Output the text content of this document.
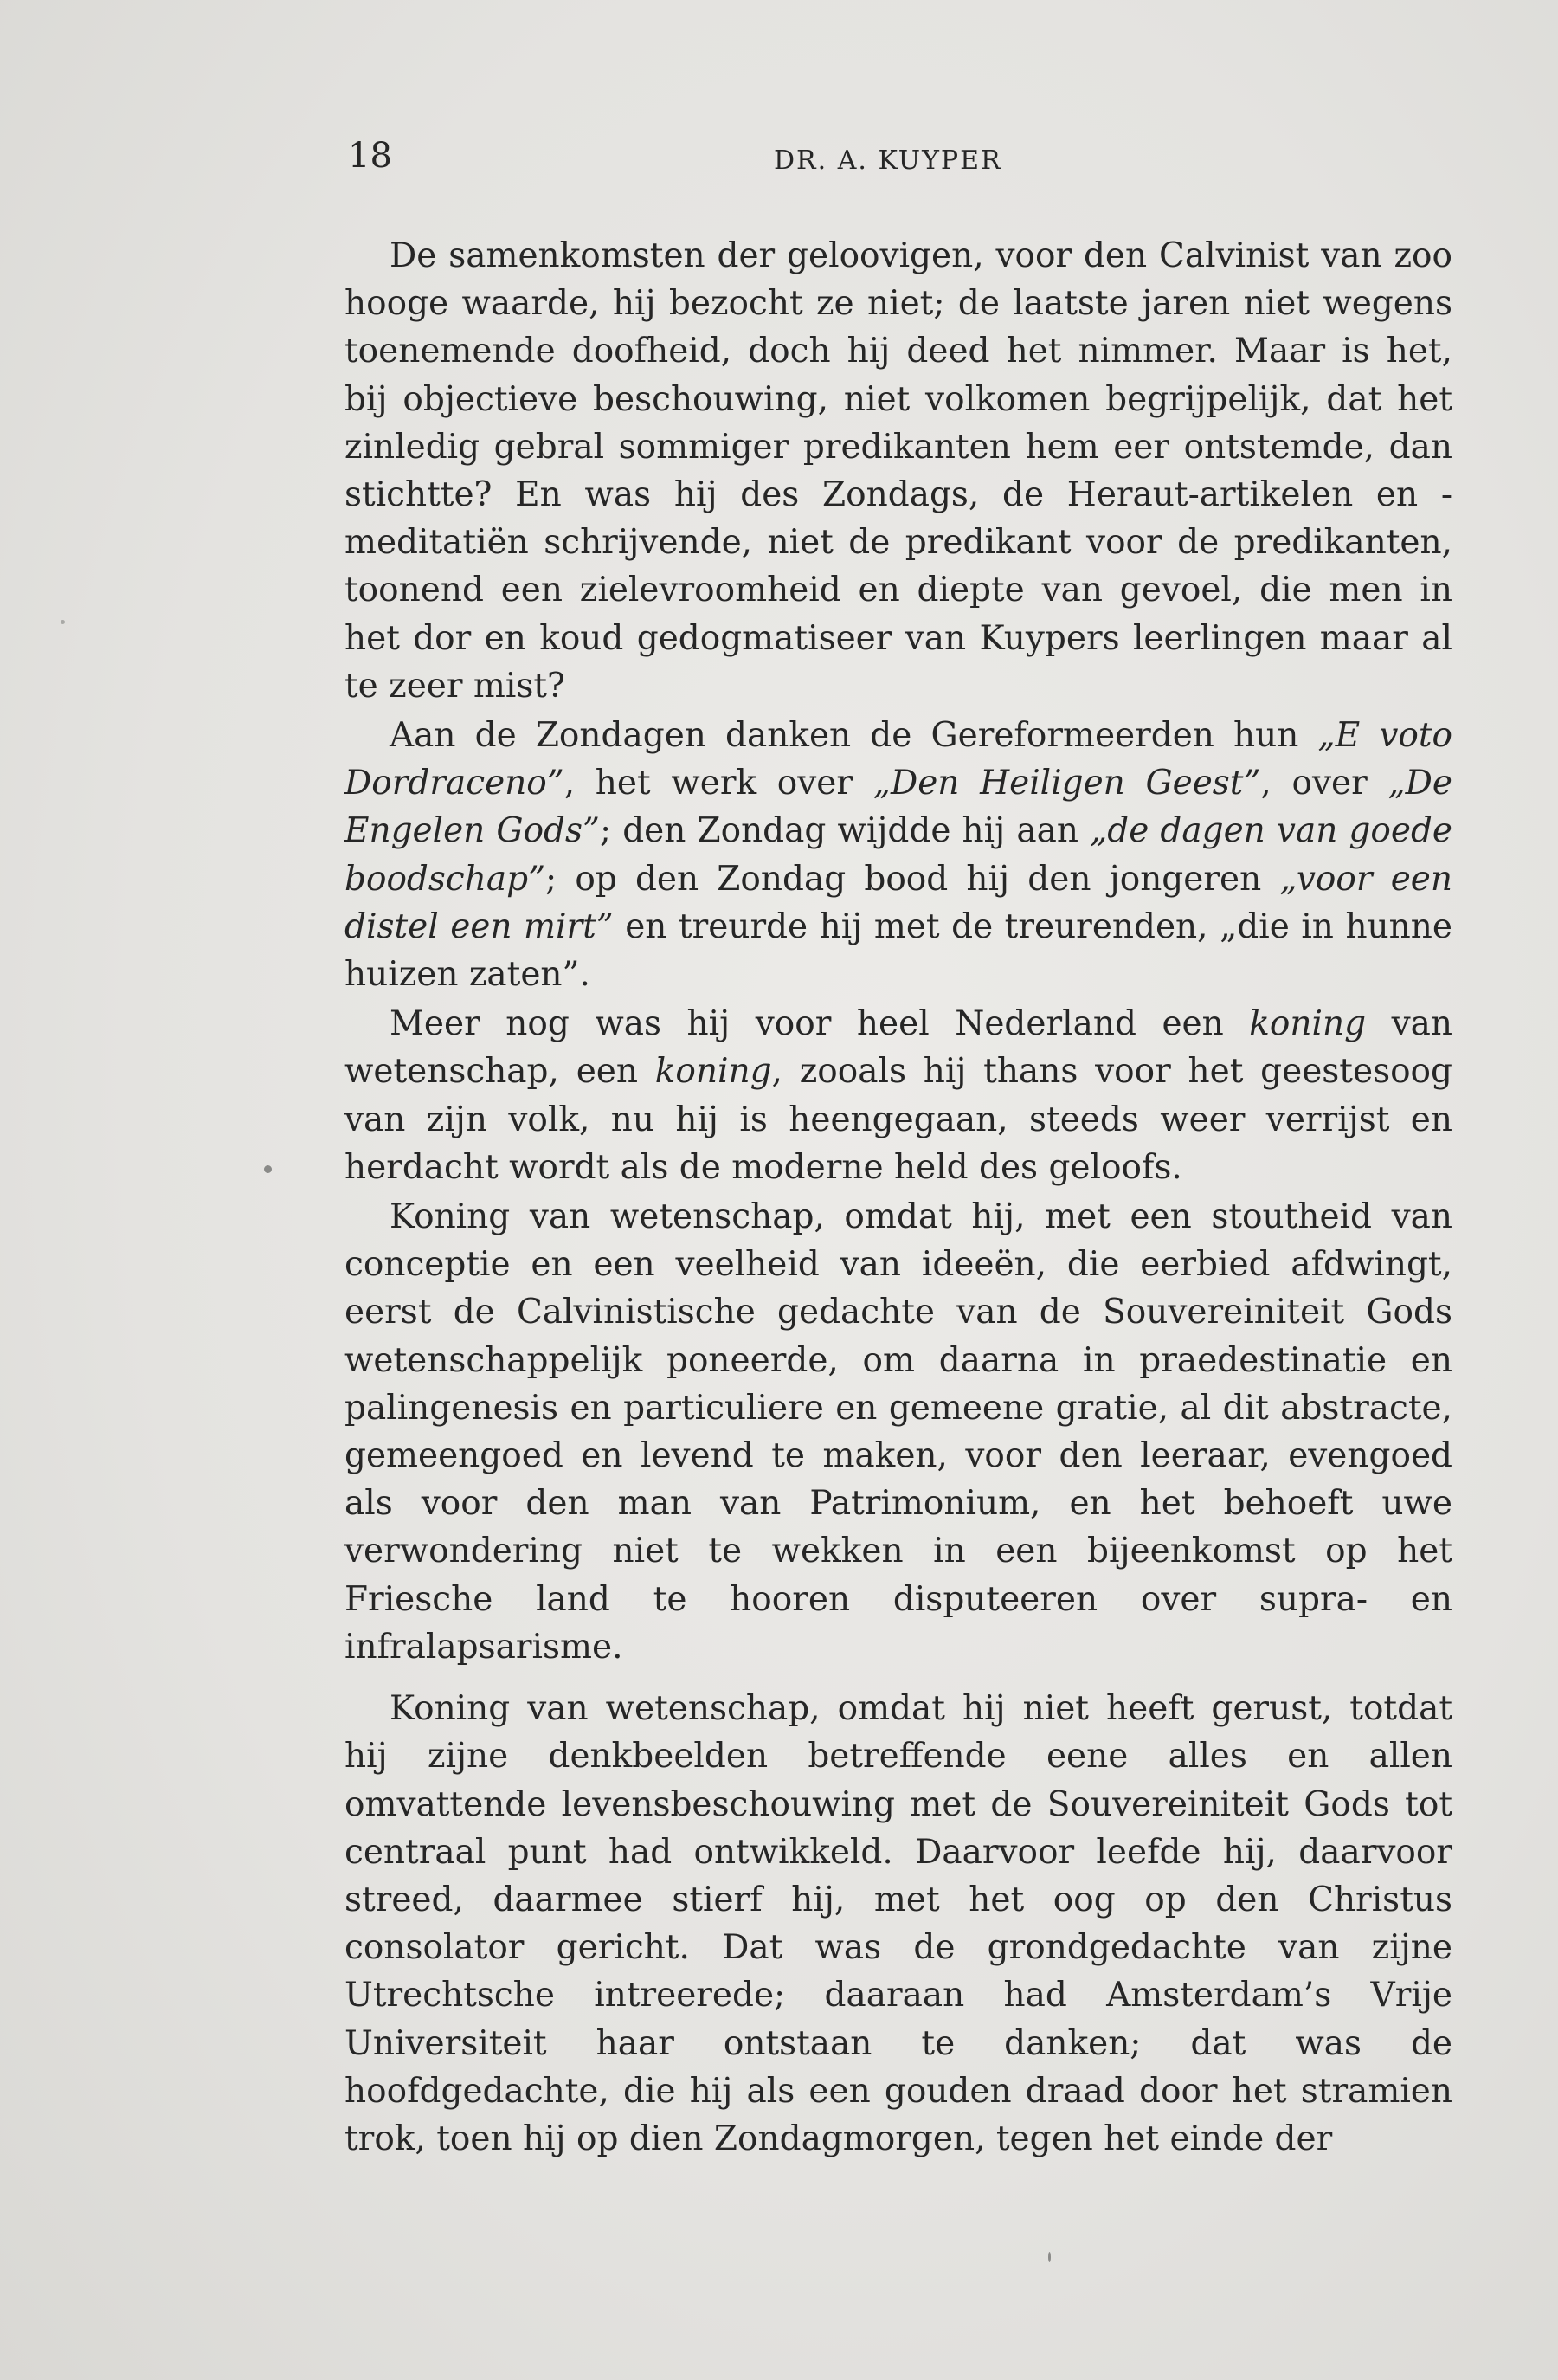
18	DR. A. KUYPER

De samenkomsten der geloovigen, voor den Calvinist van zoo hooge waarde, hij bezocht ze niet; de laatste jaren niet wegens toenemende doofheid, doch hij deed het nimmer. Maar is het, bij objectieve beschouwing, niet volkomen begrijpelijk, dat het zinledig gebral sommiger predikanten hem eer ontstemde, dan stichtte? En was hij des Zondags, de Heraut-artikelen en -meditatiën schrijvende, niet de predikant voor de predikanten, toonend een zielevroomheid en diepte van gevoel, die men in het dor en koud gedogmatiseer van Kuypers leerlingen maar al te zeer mist?

Aan de Zondagen danken de Gereformeerden hun „E voto Dordraceno”, het werk over „Den Heiligen Geest”, over „De Engelen Gods”; den Zondag wijdde hij aan „de dagen van goede boodschap”; op den Zondag bood hij den jongeren „voor een distel een mirt” en treurde hij met de treurenden, „die in hunne huizen zaten”.

Meer nog was hij voor heel Nederland een koning van wetenschap, een koning, zooals hij thans voor het geestesoog van zijn volk, nu hij is heengegaan, steeds weer verrijst en herdacht wordt als de moderne held des geloofs.

Koning van wetenschap, omdat hij, met een stoutheid van conceptie en een veelheid van ideeën, die eerbied afdwingt, eerst de Calvinistische gedachte van de Souvereiniteit Gods wetenschappelijk poneerde, om daarna in praedestinatie en palingenesis en particuliere en gemeene gratie, al dit abstracte, gemeengoed en levend te maken, voor den leeraar, evengoed als voor den man van Patrimonium, en het behoeft uwe verwondering niet te wekken in een bijeenkomst op het Friesche land te hooren disputeeren over supra- en infralapsarisme.

Koning van wetenschap, omdat hij niet heeft gerust, totdat hij zijne denkbeelden betreffende eene alles en allen omvattende levensbeschouwing met de Souvereiniteit Gods tot centraal punt had ontwikkeld. Daarvoor leefde hij, daarvoor streed, daarmee stierf hij, met het oog op den Christus consolator gericht. Dat was de grondgedachte van zijne Utrechtsche intreerede; daaraan had Amsterdam’s Vrije Universiteit haar ontstaan te danken; dat was de hoofdgedachte, die hij als een gouden draad door het stramien trok, toen hij op dien Zondagmorgen, tegen het einde der
